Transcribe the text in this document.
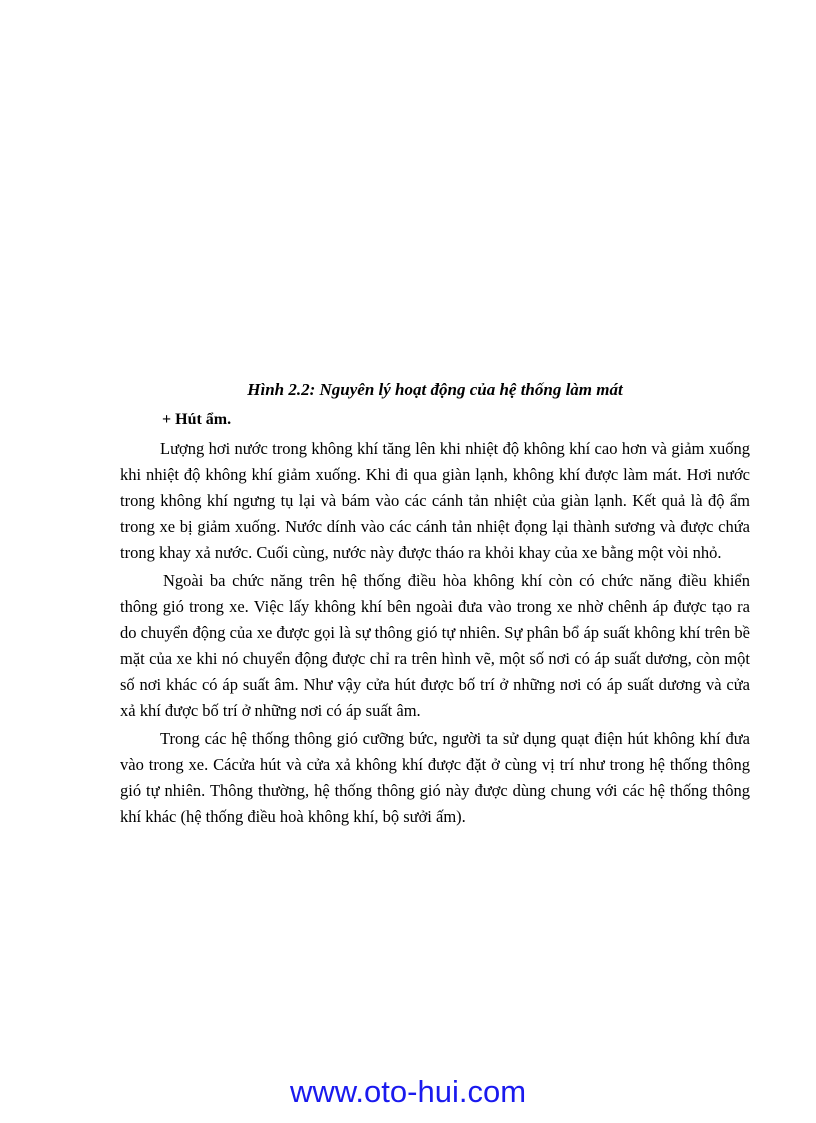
Hình 2.2: Nguyên lý hoạt động của hệ thống làm mát
+ Hút ẩm.

Lượng hơi nước trong không khí tăng lên khi nhiệt độ không khí cao hơn và giảm xuống khi nhiệt độ không khí giảm xuống. Khi đi qua giàn lạnh, không khí được làm mát. Hơi nước trong không khí ngưng tụ lại và bám vào các cánh tản nhiệt của giàn lạnh. Kết quả là độ ẩm trong xe bị giảm xuống. Nước dính vào các cánh tản nhiệt đọng lại thành sương và được chứa trong khay xả nước. Cuối cùng, nước này được tháo ra khỏi khay của xe bằng một vòi nhỏ.

Ngoài ba chức năng trên hệ thống điều hòa không khí còn có chức năng điều khiển thông gió trong xe. Việc lấy không khí bên ngoài đưa vào trong xe nhờ chênh áp được tạo ra do chuyển động của xe được gọi là sự thông gió tự nhiên. Sự phân bổ áp suất không khí trên bề mặt của xe khi nó chuyển động được chỉ ra trên hình vẽ, một số nơi có áp suất dương, còn một số nơi khác có áp suất âm. Như vậy cửa hút được bố trí ở những nơi có áp suất dương và cửa xả khí được bố trí ở những nơi có áp suất âm.

Trong các hệ thống thông gió cưỡng bức, người ta sử dụng quạt điện hút không khí đưa vào trong xe. Cácửa hút và cửa xả không khí được đặt ở cùng vị trí như trong hệ thống thông gió tự nhiên. Thông thường, hệ thống thông gió này được dùng chung với các hệ thống thông khí khác (hệ thống điều hoà không khí, bộ sưởi ấm).

www.oto-hui.com
